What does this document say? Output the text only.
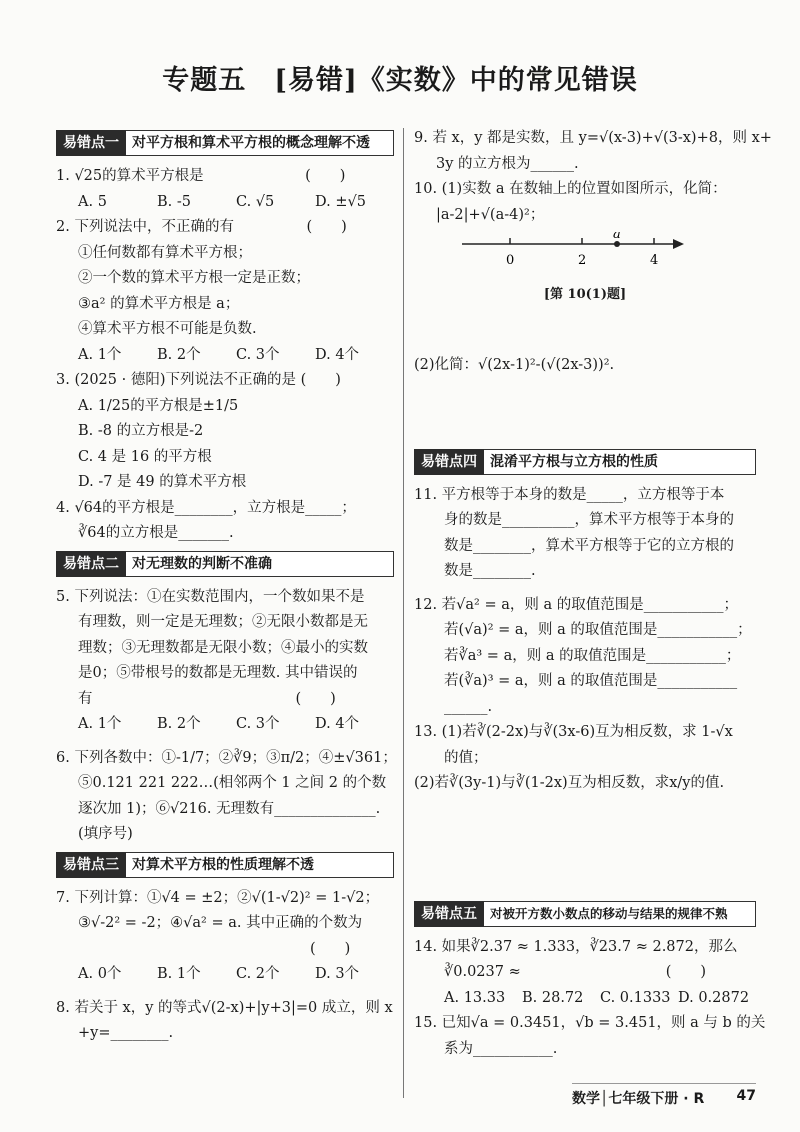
专题五　[易错]《实数》中的常见错误
易错点一 对平方根和算术平方根的概念理解不透
1. √25的算术平方根是　　　　　　　(　　)
A. 5	B. -5	C. √5	D. ±√5
2. 下列说法中，不正确的有　　　　　(　　)
①任何数都有算术平方根；
②一个数的算术平方根一定是正数；
③a² 的算术平方根是 a；
④算术平方根不可能是负数.
A. 1个	B. 2个	C. 3个	D. 4个
3. (2025 · 德阳)下列说法不正确的是 (　　)
A. 1/25的平方根是±1/5
B. -8 的立方根是-2
C. 4 是 16 的平方根
D. -7 是 49 的算术平方根
4. √64的平方根是________，立方根是_____；
∛64的立方根是_______.
易错点二 对无理数的判断不准确
5. 下列说法：①在实数范围内，一个数如果不是
有理数，则一定是无理数；②无限小数都是无
理数；③无理数都是无限小数；④最小的实数
是0；⑤带根号的数都是无理数. 其中错误的
有　　　　　　　　　　　　　　(　　)
A. 1个	B. 2个	C. 3个	D. 4个
6. 下列各数中：①-1/7；②∛9；③π/2；④±√361；
⑤0.121 221 222…(相邻两个 1 之间 2 的个数
逐次加 1)；⑥√216. 无理数有______________.
(填序号)
易错点三 对算术平方根的性质理解不透
7. 下列计算：①√4 = ±2；②√(1-√2)² = 1-√2；
③√-2² = -2；④√a² = a. 其中正确的个数为
　　　　　　　　　　　　　　　　(　　)
A. 0个	B. 1个	C. 2个	D. 3个
8. 若关于 x，y 的等式√(2-x)+|y+3|=0 成立，则 x
+y=________.
9. 若 x，y 都是实数，且 y=√(x-3)+√(3-x)+8，则 x+
3y 的立方根为______.
10. (1)实数 a 在数轴上的位置如图所示，化简：
|a-2|+√(a-4)²；
a
0	2	4
[第 10(1)题]
(2)化简：√(2x-1)²-(√(2x-3))².
易错点四 混淆平方根与立方根的性质
11. 平方根等于本身的数是_____，立方根等于本
身的数是__________，算术平方根等于本身的
数是________，算术平方根等于它的立方根的
数是________.
12. 若√a² = a，则 a 的取值范围是___________；
若(√a)² = a，则 a 的取值范围是___________；
若∛a³ = a，则 a 的取值范围是___________；
若(∛a)³ = a，则 a 的取值范围是___________
______.
13. (1)若∛(2-2x)与∛(3x-6)互为相反数，求 1-√x
的值；
(2)若∛(3y-1)与∛(1-2x)互为相反数，求x/y的值.
易错点五	对被开方数小数点的移动与结果的规律不熟
14. 如果∛2.37 ≈ 1.333，∛23.7 ≈ 2.872，那么
∛0.0237 ≈　　　　　　　　　　(　　)
A. 13.33	B. 28.72	C. 0.1333 D. 0.2872
15. 已知√a = 0.3451，√b = 3.451，则 a 与 b 的关
系为___________.
数学│七年级下册 · R 47
